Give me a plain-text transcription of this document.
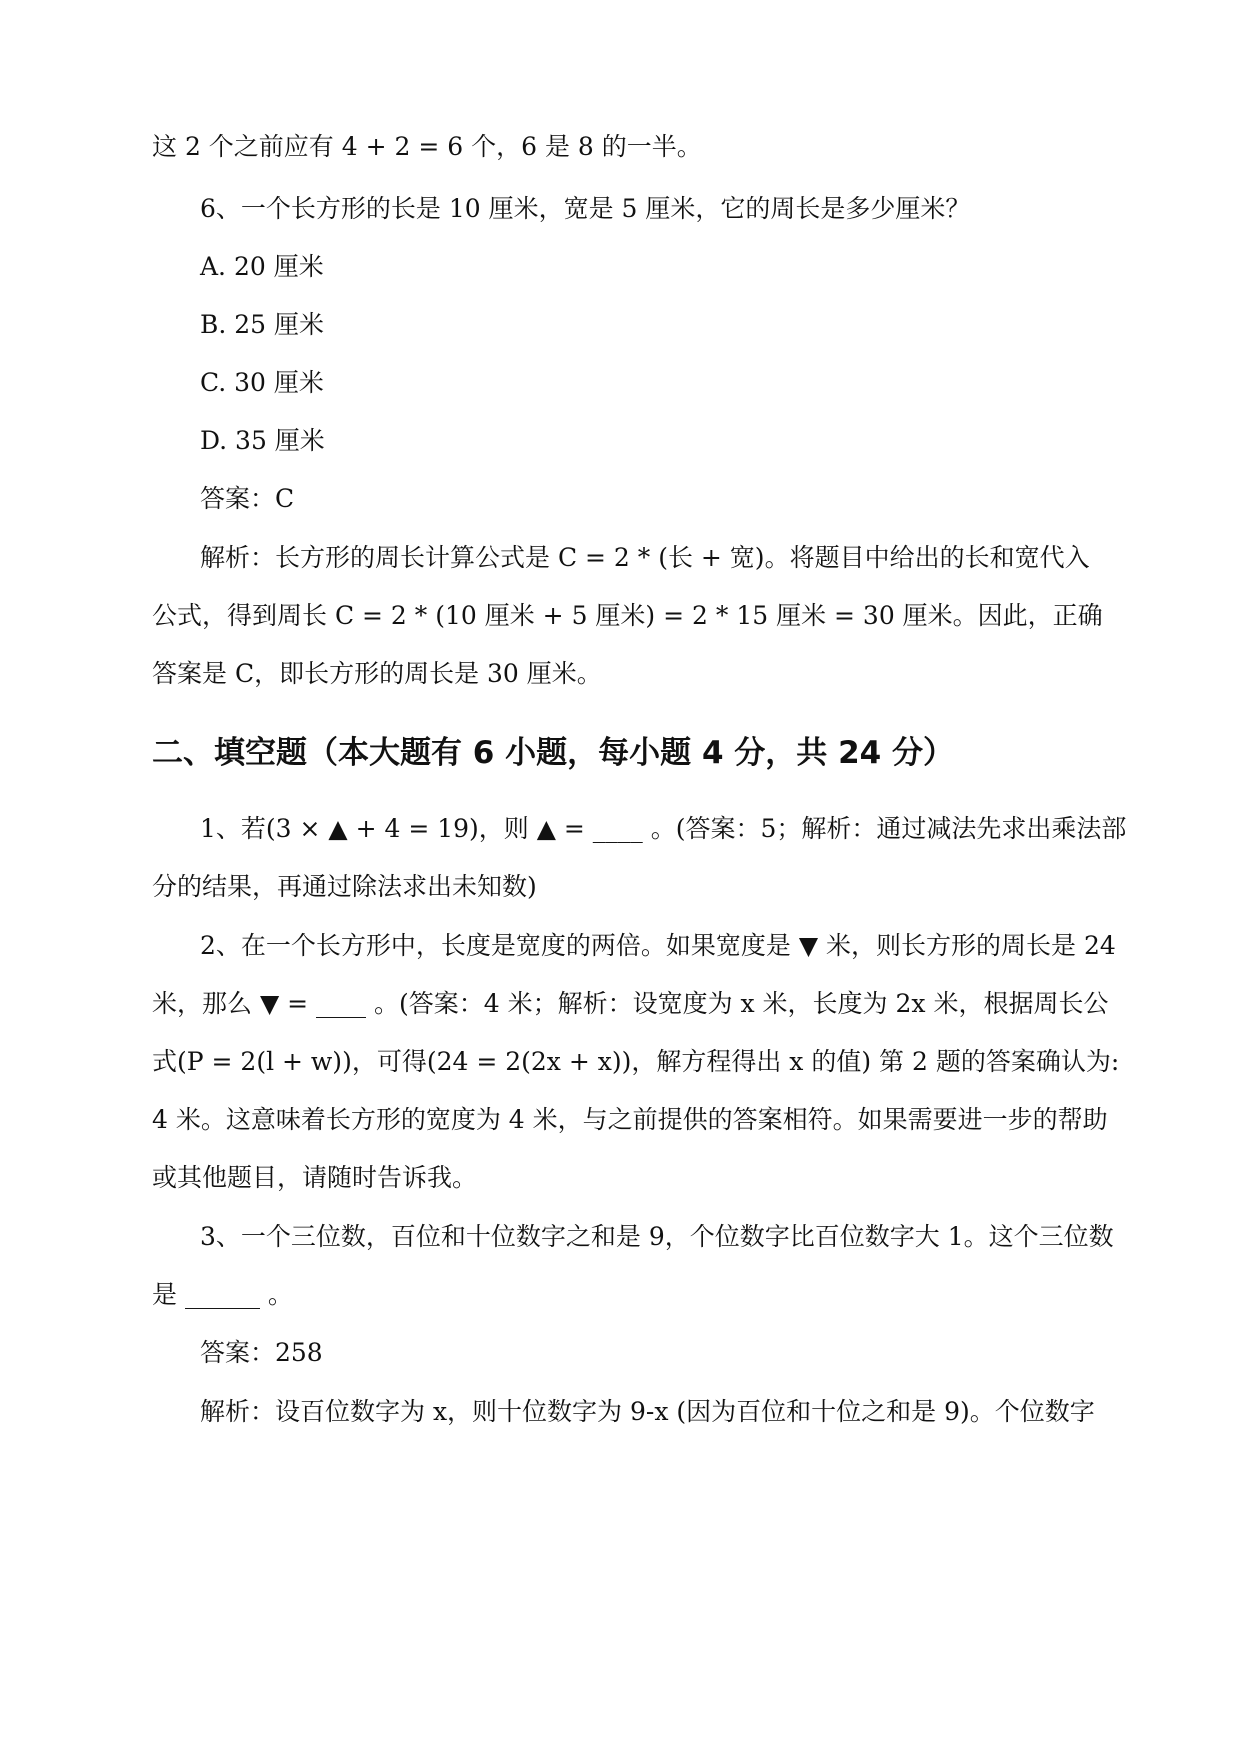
这 2 个之前应有 4 + 2 = 6 个，6 是 8 的一半。
6、一个长方形的长是 10 厘米，宽是 5 厘米，它的周长是多少厘米？
A. 20 厘米
B. 25 厘米
C. 30 厘米
D. 35 厘米
答案：C
解析：长方形的周长计算公式是 C = 2 * (长 + 宽)。将题目中给出的长和宽代入
公式，得到周长 C = 2 * (10 厘米 + 5 厘米) = 2 * 15 厘米 = 30 厘米。因此，正确
答案是 C，即长方形的周长是 30 厘米。
二、填空题（本大题有 6 小题，每小题 4 分，共 24 分）
1、若(3 × ▲ + 4 = 19)，则 ▲ = ____ 。(答案：5；解析：通过减法先求出乘法部
分的结果，再通过除法求出未知数)
2、在一个长方形中，长度是宽度的两倍。如果宽度是 ▼ 米，则长方形的周长是 24
米，那么 ▼ = ____ 。(答案：4 米；解析：设宽度为 x 米，长度为 2x 米，根据周长公
式(P = 2(l + w))，可得(24 = 2(2x + x))，解方程得出 x 的值) 第 2 题的答案确认为:
4 米。这意味着长方形的宽度为 4 米，与之前提供的答案相符。如果需要进一步的帮助
或其他题目，请随时告诉我。
3、一个三位数，百位和十位数字之和是 9，个位数字比百位数字大 1。这个三位数
是 ______ 。
答案：258
解析：设百位数字为 x，则十位数字为 9-x (因为百位和十位之和是 9)。个位数字
